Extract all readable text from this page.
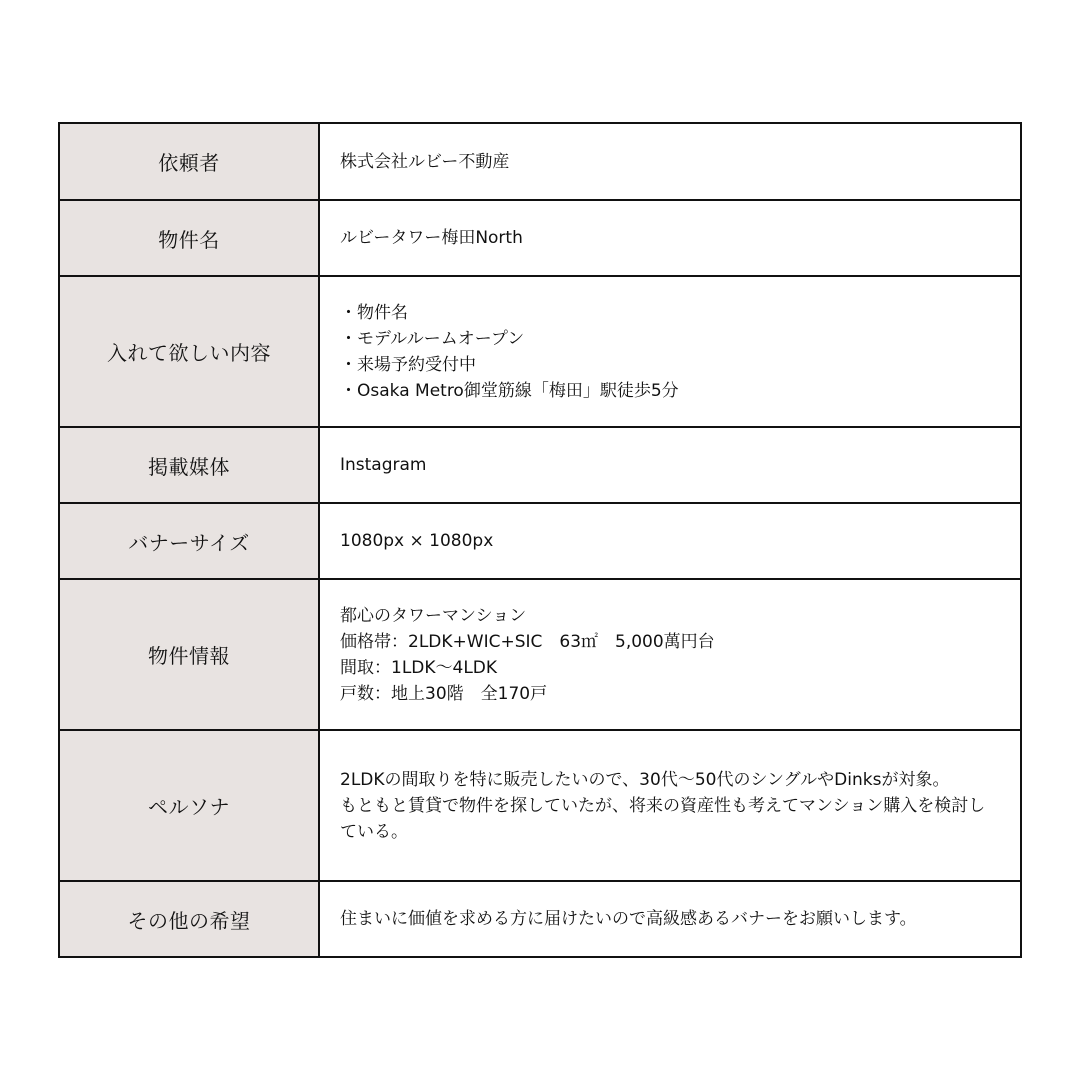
依頼者	株式会社ルビー不動産

物件名	ルビータワー梅田North

入れて欲しい内容	・物件名
・モデルルームオープン
・来場予約受付中
・Osaka Metro御堂筋線「梅田」駅徒歩5分

掲載媒体	Instagram

バナーサイズ	1080px × 1080px

物件情報	都心のタワーマンション
価格帯：2LDK+WIC+SIC　63㎡　5,000萬円台
間取：1LDK〜4LDK
戸数：地上30階　全170戸

ペルソナ	2LDKの間取りを特に販売したいので、30代〜50代のシングルやDinksが対象。
もともと賃貸で物件を探していたが、将来の資産性も考えてマンション購入を検討している。

その他の希望	住まいに価値を求める方に届けたいので高級感あるバナーをお願いします。
